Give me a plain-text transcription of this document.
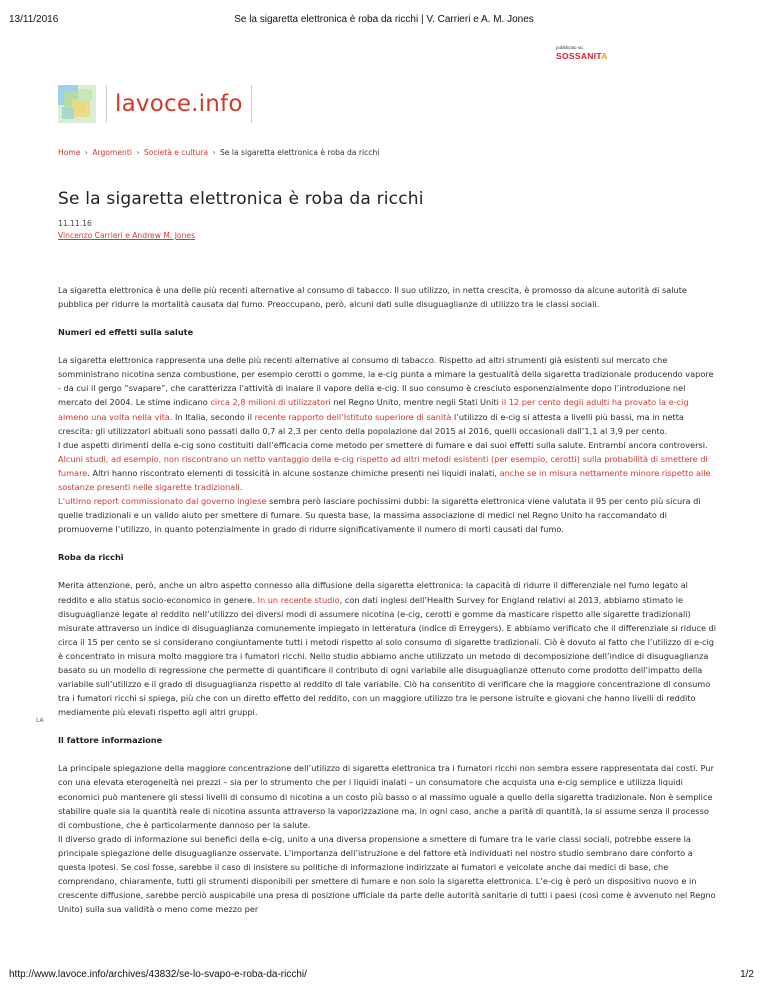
13/11/2016	Se la sigaretta elettronica è roba da ricchi | V. Carrieri e A. M. Jones
pubblicato su:
SOSSANITA
lavoce.info
Home › Argomenti › Società e cultura › Se la sigaretta elettronica è roba da ricchi
Se la sigaretta elettronica è roba da ricchi
11.11.16
Vincenzo Carrieri e Andrew M. Jones

La sigaretta elettronica è una delle più recenti alternative al consumo di tabacco. Il suo utilizzo, in netta crescita, è promosso da alcune autorità di salute pubblica per ridurre la mortalità causata dal fumo. Preoccupano, però, alcuni dati sulle disuguaglianze di utilizzo tra le classi sociali.

Numeri ed effetti sulla salute

La sigaretta elettronica rappresenta una delle più recenti alternative al consumo di tabacco. Rispetto ad altri strumenti già esistenti sul mercato che somministrano nicotina senza combustione, per esempio cerotti o gomme, la e-cig punta a mimare la gestualità della sigaretta tradizionale producendo vapore - da cui il gergo “svapare”, che caratterizza l’attività di inalare il vapore della e-cig. Il suo consumo è cresciuto esponenzialmente dopo l’introduzione nel mercato del 2004. Le stime indicano circa 2,8 milioni di utilizzatori nel Regno Unito, mentre negli Stati Uniti il 12 per cento degli adulti ha provato la e-cig almeno una volta nella vita. In Italia, secondo il recente rapporto dell’Istituto superiore di sanità l’utilizzo di e-cig si attesta a livelli più bassi, ma in netta crescita: gli utilizzatori abituali sono passati dallo 0,7 al 2,3 per cento della popolazione dal 2015 al 2016, quelli occasionali dall’1,1 al 3,9 per cento.

I due aspetti dirimenti della e-cig sono costituiti dall’efficacia come metodo per smettere di fumare e dai suoi effetti sulla salute. Entrambi ancora controversi. Alcuni studi, ad esempio, non riscontrano un netto vantaggio della e-cig rispetto ad altri metodi esistenti (per esempio, cerotti) sulla probabilità di smettere di fumare. Altri hanno riscontrato elementi di tossicità in alcune sostanze chimiche presenti nei liquidi inalati, anche se in misura nettamente minore rispetto alle sostanze presenti nelle sigarette tradizionali.

L’ultimo report commissionato dal governo inglese sembra però lasciare pochissimi dubbi: la sigaretta elettronica viene valutata il 95 per cento più sicura di quelle tradizionali e un valido aiuto per smettere di fumare. Su questa base, la massima associazione di medici nel Regno Unito ha raccomandato di promuoverne l’utilizzo, in quanto potenzialmente in grado di ridurre significativamente il numero di morti causati dal fumo.

Roba da ricchi

Merita attenzione, però, anche un altro aspetto connesso alla diffusione della sigaretta elettronica: la capacità di ridurre il differenziale nel fumo legato al reddito e allo status socio-economico in genere. In un recente studio, con dati inglesi dell’Health Survey for England relativi al 2013, abbiamo stimato le disuguaglianze legate al reddito nell’utilizzo dei diversi modi di assumere nicotina (e-cig, cerotti e gomme da masticare rispetto alle sigarette tradizionali) misurate attraverso un indice di disuguaglianza comunemente impiegato in letteratura (indice di Erreygers). E abbiamo verificato che il differenziale si riduce di circa il 15 per cento se si considerano congiuntamente tutti i metodi rispetto al solo consumo di sigarette tradizionali. Ciò è dovuto al fatto che l’utilizzo di e-cig è concentrato in misura molto maggiore tra i fumatori ricchi. Nello studio abbiamo anche utilizzato un metodo di decomposizione dell’indice di disuguaglianza basato su un modello di regressione che permette di quantificare il contributo di ogni variabile alle disuguaglianze ottenuto come prodotto dell’impatto della variabile sull’utilizzo e il grado di disuguaglianza rispetto al reddito di tale variabile. Ciò ha consentito di verificare che la maggiore concentrazione di consumo tra i fumatori ricchi si spiega, più che con un diretto effetto del reddito, con un maggiore utilizzo tra le persone istruite e giovani che hanno livelli di reddito mediamente più elevati rispetto agli altri gruppi.

Il fattore informazione

La principale spiegazione della maggiore concentrazione dell’utilizzo di sigaretta elettronica tra i fumatori ricchi non sembra essere rappresentata dai costi. Pur con una elevata eterogeneità nei prezzi – sia per lo strumento che per i liquidi inalati – un consumatore che acquista una e-cig semplice e utilizza liquidi economici può mantenere gli stessi livelli di consumo di nicotina a un costo più basso o al massimo uguale a quello della sigaretta tradizionale. Non è semplice stabilire quale sia la quantità reale di nicotina assunta attraverso la vaporizzazione ma, in ogni caso, anche a parità di quantità, la si assume senza il processo di combustione, che è particolarmente dannoso per la salute.

Il diverso grado di informazione sui benefici della e-cig, unito a una diversa propensione a smettere di fumare tra le varie classi sociali, potrebbe essere la principale spiegazione delle disuguaglianze osservate. L’importanza dell’istruzione e del fattore età individuati nel nostro studio sembrano dare conforto a questa ipotesi. Se così fosse, sarebbe il caso di insistere su politiche di informazione indirizzate ai fumatori e veicolate anche dai medici di base, che comprendano, chiaramente, tutti gli strumenti disponibili per smettere di fumare e non solo la sigaretta elettronica. L’e-cig è però un dispositivo nuovo e in crescente diffusione, sarebbe perciò auspicabile una presa di posizione ufficiale da parte delle autorità sanitarie di tutti i paesi (così come è avvenuto nel Regno Unito) sulla sua validità o meno come mezzo per

LA
http://www.lavoce.info/archives/43832/se-lo-svapo-e-roba-da-ricchi/	1/2
